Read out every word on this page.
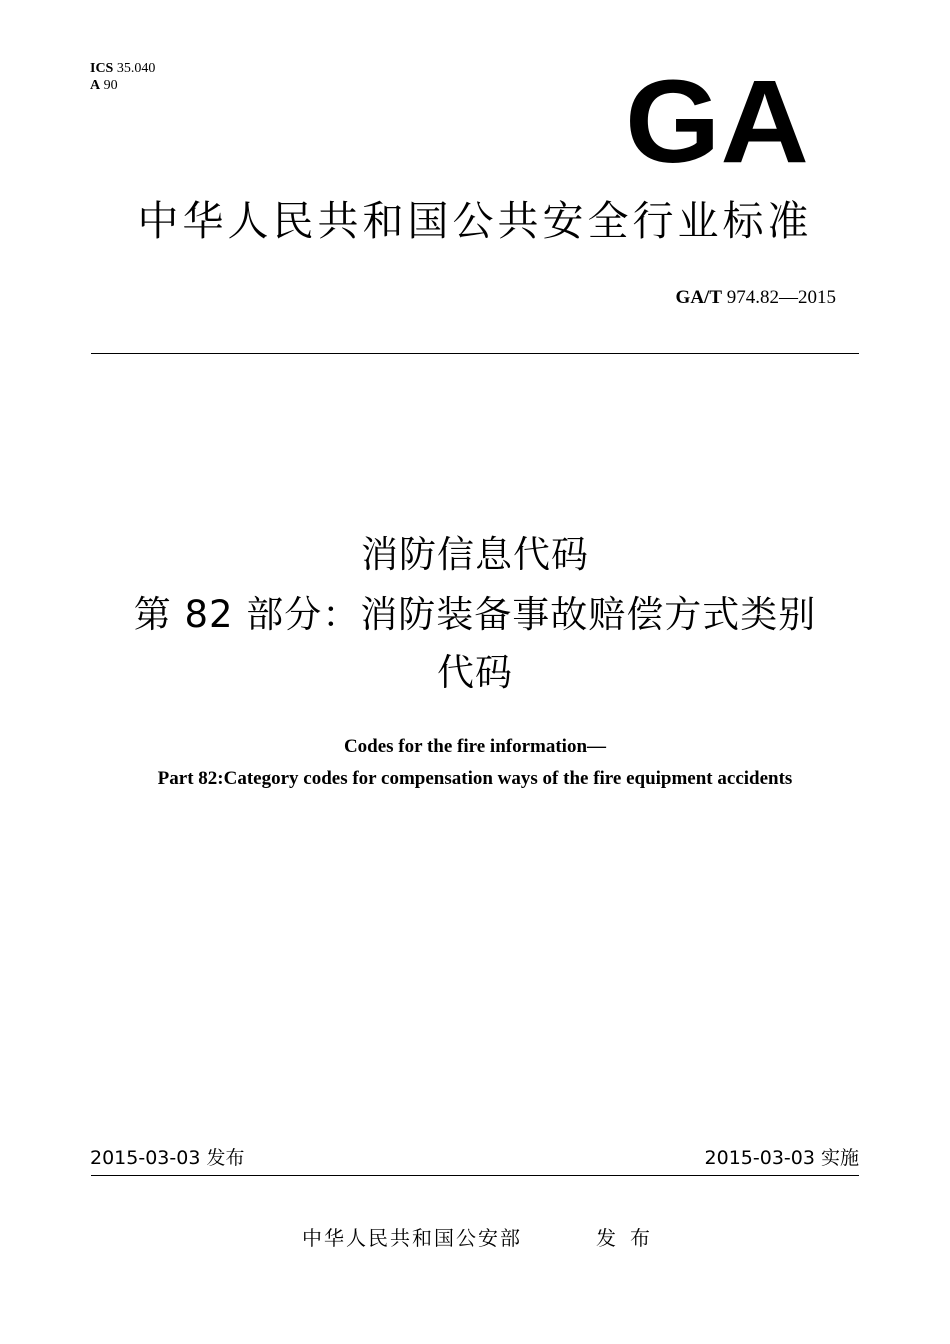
ICS 35.040
A 90	GA
中华人民共和国公共安全行业标准
GA/T 974.82—2015
消防信息代码
第 82 部分：消防装备事故赔偿方式类别
代码
Codes for the fire information—
Part 82:Category codes for compensation ways of the fire equipment accidents
2015-03-03 发布	2015-03-03 实施
中华人民共和国公安部	发布
